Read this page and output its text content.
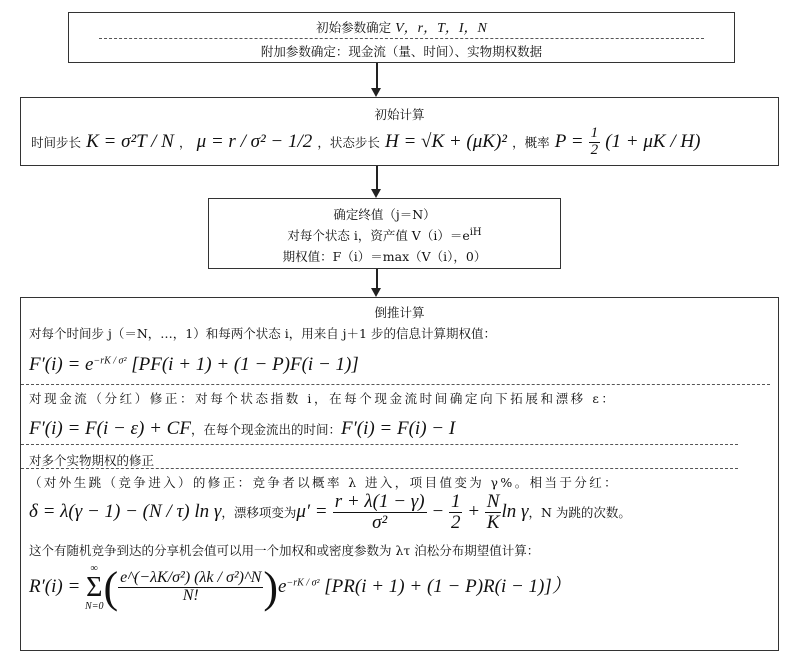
初始参数确定 V，r，T，I，N
附加参数确定：现金流（量、时间）、实物期权数据
初始计算
时间步长 K = σ²T / N ， μ = r / σ² − 1/2 ，状态步长 H = √K + (μK)² ，概率 $P = \frac{1}{2} (1 + \mu K / H)$
确定终值（j＝N）
对每个状态 i，资产值 $V(i)=e^{iH}$
期权值：F（i）＝max（V（i），0）
倒推计算
对每个时间步 j（＝N，…，1）和每两个状态 i，用来自 j＋1 步的信息计算期权值：
$F'(i) = e^{-rK / \sigma^2}$ [PF(i + 1) + (1 − P)F(i − 1)]
对现金流（分红）修正：对每个状态指数 i，在每个现金流时间确定向下拓展和漂移 ε：
F′(i) = F(i − ε) + CF，在每个现金流出的时间：F′(i) = F(i) − I
对多个实物期权的修正
（对外生跳（竞争进入）的修正：竞争者以概率 λ 进入，项目值变为 γ%。相当于分红：
δ = λ(γ − 1) − (N / τ) ln γ，漂移项变为$\mu' = \frac{r + \lambda(1 - \gamma)}{\text{σ²}} - \frac{1}{2} + \frac{N}{K}$ ln γ，N 为跳的次数。
这个有随机竞争到达的分享机会值可以用一个加权和或密度参数为 λτ 泊松分布期望值计算：
R′(i) =
∞
Σ
N=0 ( $\frac{\text{e\textasciicircum{}(−λK/σ²) (λk / σ²)\textasciicircum{}N}}{N!} )e^{-rK / \sigma^2}$ [PR(i + 1) + (1 − P)R(i − 1)]）
